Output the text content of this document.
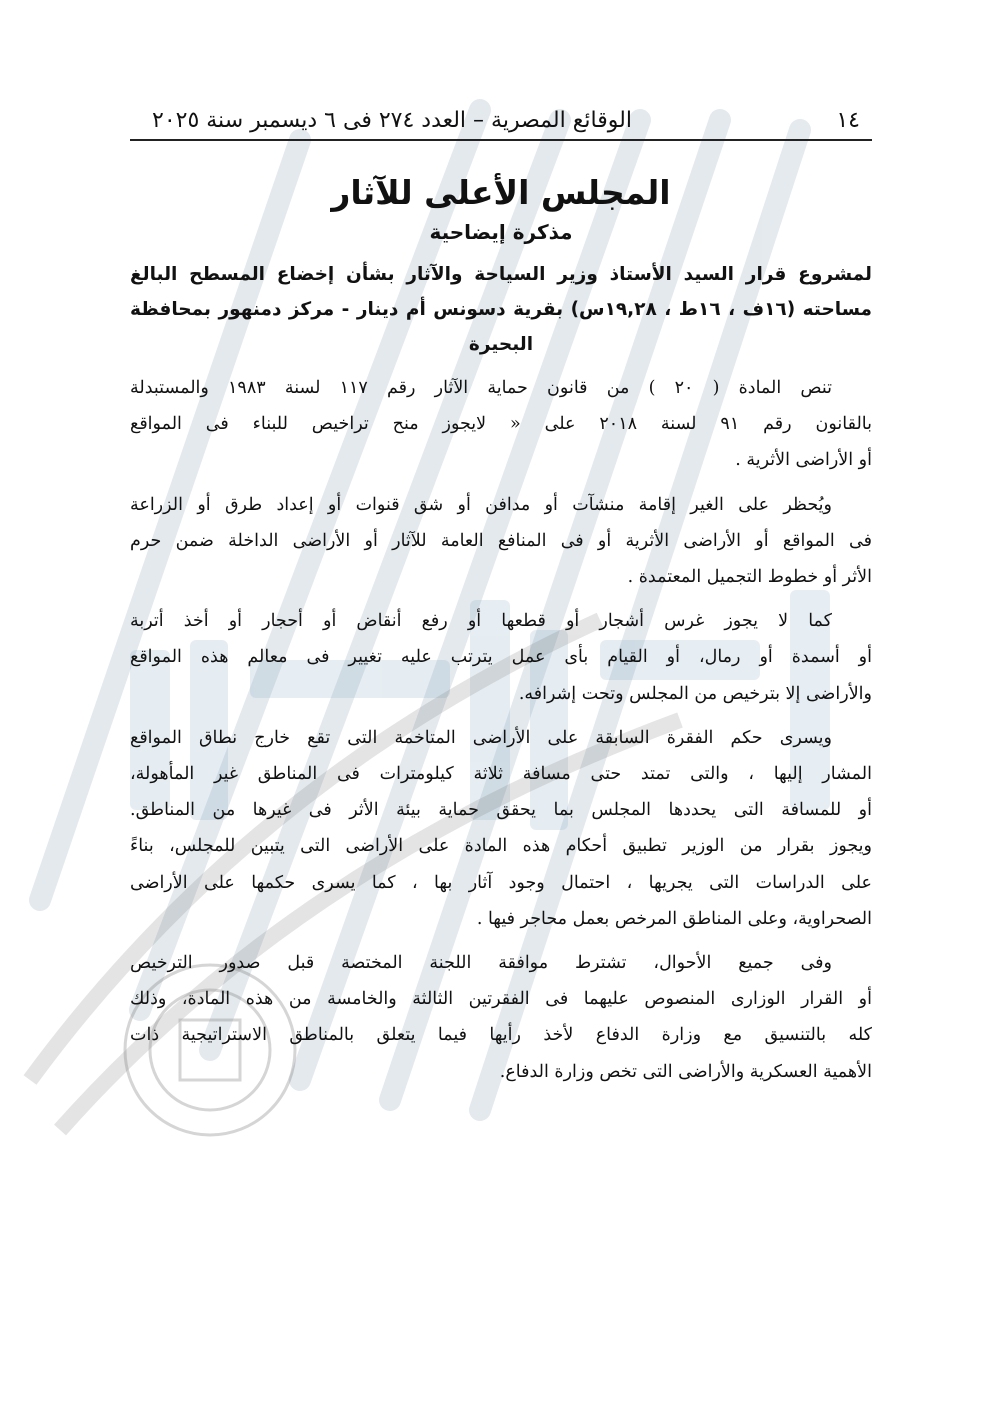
١٤
الوقائع المصرية – العدد ٢٧٤ فى ٦ ديسمبر سنة ٢٠٢٥
المجلس الأعلى للآثار
مذكرة إيضاحية
لمشروع قرار السيد الأستاذ وزير السياحة والآثار بشأن إخضاع المسطح البالغ مساحته (١٦ف ، ١٦ط ، ١٩,٢٨س) بقرية دسونس أم دينار - مركز دمنهور بمحافظة البحيرة
تنص المادة ( ٢٠ ) من قانون حماية الآثار رقم ١١٧ لسنة ١٩٨٣ والمستبدلة
بالقانون رقم ٩١ لسنة ٢٠١٨ على « لايجوز منح تراخيص للبناء فى المواقع
أو الأراضى الأثرية .
ويُحظر على الغير إقامة منشآت أو مدافن أو شق قنوات أو إعداد طرق أو الزراعة
فى المواقع أو الأراضى الأثرية أو فى المنافع العامة للآثار أو الأراضى الداخلة ضمن حرم
الأثر أو خطوط التجميل المعتمدة .
كما لا يجوز غرس أشجار أو قطعها أو رفع أنقاض أو أحجار أو أخذ أتربة
أو أسمدة أو رمال، أو القيام بأى عمل يترتب عليه تغيير فى معالم هذه المواقع
والأراضى إلا بترخيص من المجلس وتحت إشرافه.
ويسرى حكم الفقرة السابقة على الأراضى المتاخمة التى تقع خارج نطاق المواقع
المشار إليها ، والتى تمتد حتى مسافة ثلاثة كيلومترات فى المناطق غير المأهولة،
أو للمسافة التى يحددها المجلس بما يحقق حماية بيئة الأثر فى غيرها من المناطق.
ويجوز بقرار من الوزير تطبيق أحكام هذه المادة على الأراضى التى يتبين للمجلس، بناءً
على الدراسات التى يجريها ، احتمال وجود آثار بها ، كما يسرى حكمها على الأراضى
الصحراوية، وعلى المناطق المرخص بعمل محاجر فيها .
وفى جميع الأحوال، تشترط موافقة اللجنة المختصة قبل صدور الترخيص
أو القرار الوزارى المنصوص عليهما فى الفقرتين الثالثة والخامسة من هذه المادة، وذلك
كله بالتنسيق مع وزارة الدفاع لأخذ رأيها فيما يتعلق بالمناطق الاستراتيجية ذات
الأهمية العسكرية والأراضى التى تخص وزارة الدفاع.
